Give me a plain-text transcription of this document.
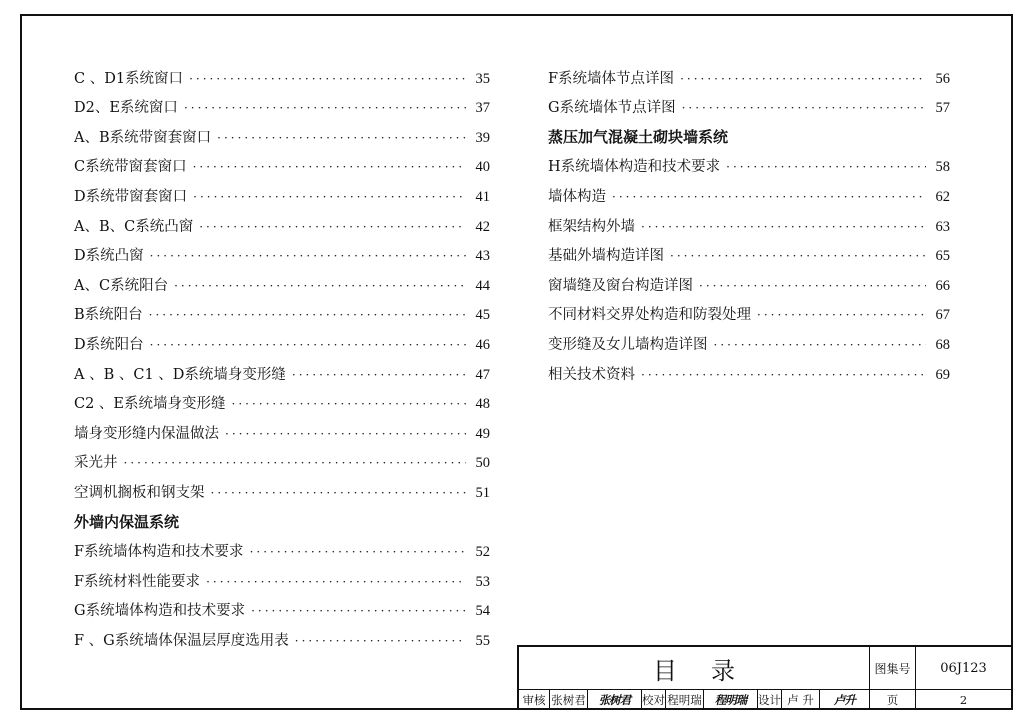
C 、D1系统窗口 ·····	35
D2、E系统窗口 ·····	37
A、B系统带窗套窗口 ·····	39
C系统带窗套窗口 ·····	40
D系统带窗套窗口 ·····	41
A、B、C系统凸窗 ·····	42
D系统凸窗 ·····	43
A、C系统阳台 ·····	44
B系统阳台 ·····	45
D系统阳台 ·····	46
A 、B 、C1 、D系统墙身变形缝 ·····	47
C2 、E系统墙身变形缝 ·····	48
墙身变形缝内保温做法 ·····	49
采光井 ·····	50
空调机搁板和钢支架 ·····	51
外墙内保温系统
F系统墙体构造和技术要求 ·····	52
F系统材料性能要求 ·····	53
G系统墙体构造和技术要求 ·····	54
F 、G系统墙体保温层厚度选用表 ·····	55
F系统墙体节点详图 ·····	56
G系统墙体节点详图 ·····	57
蒸压加气混凝土砌块墙系统
H系统墙体构造和技术要求 ·····	58
墙体构造 ·····	62
框架结构外墙 ·····	63
基础外墙构造详图 ·····	65
窗墙缝及窗台构造详图 ·····	66
不同材料交界处构造和防裂处理 ·····	67
变形缝及女儿墙构造详图 ·····	68
相关技术资料 ·····	69
目录	图集号	06J123
审核 张树君	张树君	校对 程明瑞	程明瑞	设计 卢 升	卢升	页	2
